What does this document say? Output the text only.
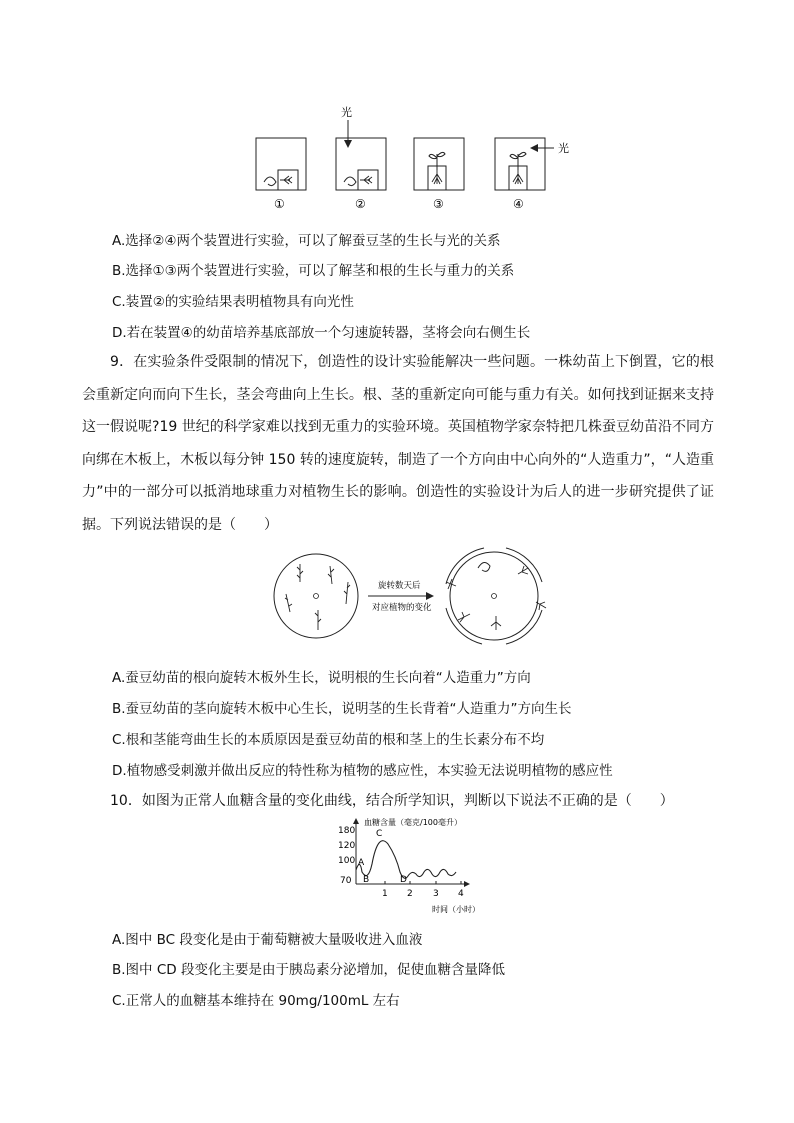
光
光
①	②	③	④
A.选择②④两个装置进行实验，可以了解蚕豆茎的生长与光的关系
B.选择①③两个装置进行实验，可以了解茎和根的生长与重力的关系
C.装置②的实验结果表明植物具有向光性
D.若在装置④的幼苗培养基底部放一个匀速旋转器，茎将会向右侧生长
9．在实验条件受限制的情况下，创造性的设计实验能解决一些问题。一株幼苗上下倒置，它的根会重新定向而向下生长，茎会弯曲向上生长。根、茎的重新定向可能与重力有关。如何找到证据来支持这一假说呢?19 世纪的科学家难以找到无重力的实验环境。英国植物学家奈特把几株蚕豆幼苗沿不同方向绑在木板上，木板以每分钟 150 转的速度旋转，制造了一个方向由中心向外的“人造重力”，“人造重力”中的一部分可以抵消地球重力对植物生长的影响。创造性的实验设计为后人的进一步研究提供了证据。下列说法错误的是（　　）
旋转数天后
对应植物的变化
A.蚕豆幼苗的根向旋转木板外生长，说明根的生长向着“人造重力”方向
B.蚕豆幼苗的茎向旋转木板中心生长，说明茎的生长背着“人造重力”方向生长
C.根和茎能弯曲生长的本质原因是蚕豆幼苗的根和茎上的生长素分布不均
D.植物感受刺激并做出反应的特性称为植物的感应性，本实验无法说明植物的感应性
10．如图为正常人血糖含量的变化曲线，结合所学知识，判断以下说法不正确的是（　　）
血糖含量（毫克/100毫升）
180
120
100
70
1 2 3 4
时间（小时）
A
B
C
D
A.图中 BC 段变化是由于葡萄糖被大量吸收进入血液
B.图中 CD 段变化主要是由于胰岛素分泌增加，促使血糖含量降低
C.正常人的血糖基本维持在 90mg/100mL 左右
